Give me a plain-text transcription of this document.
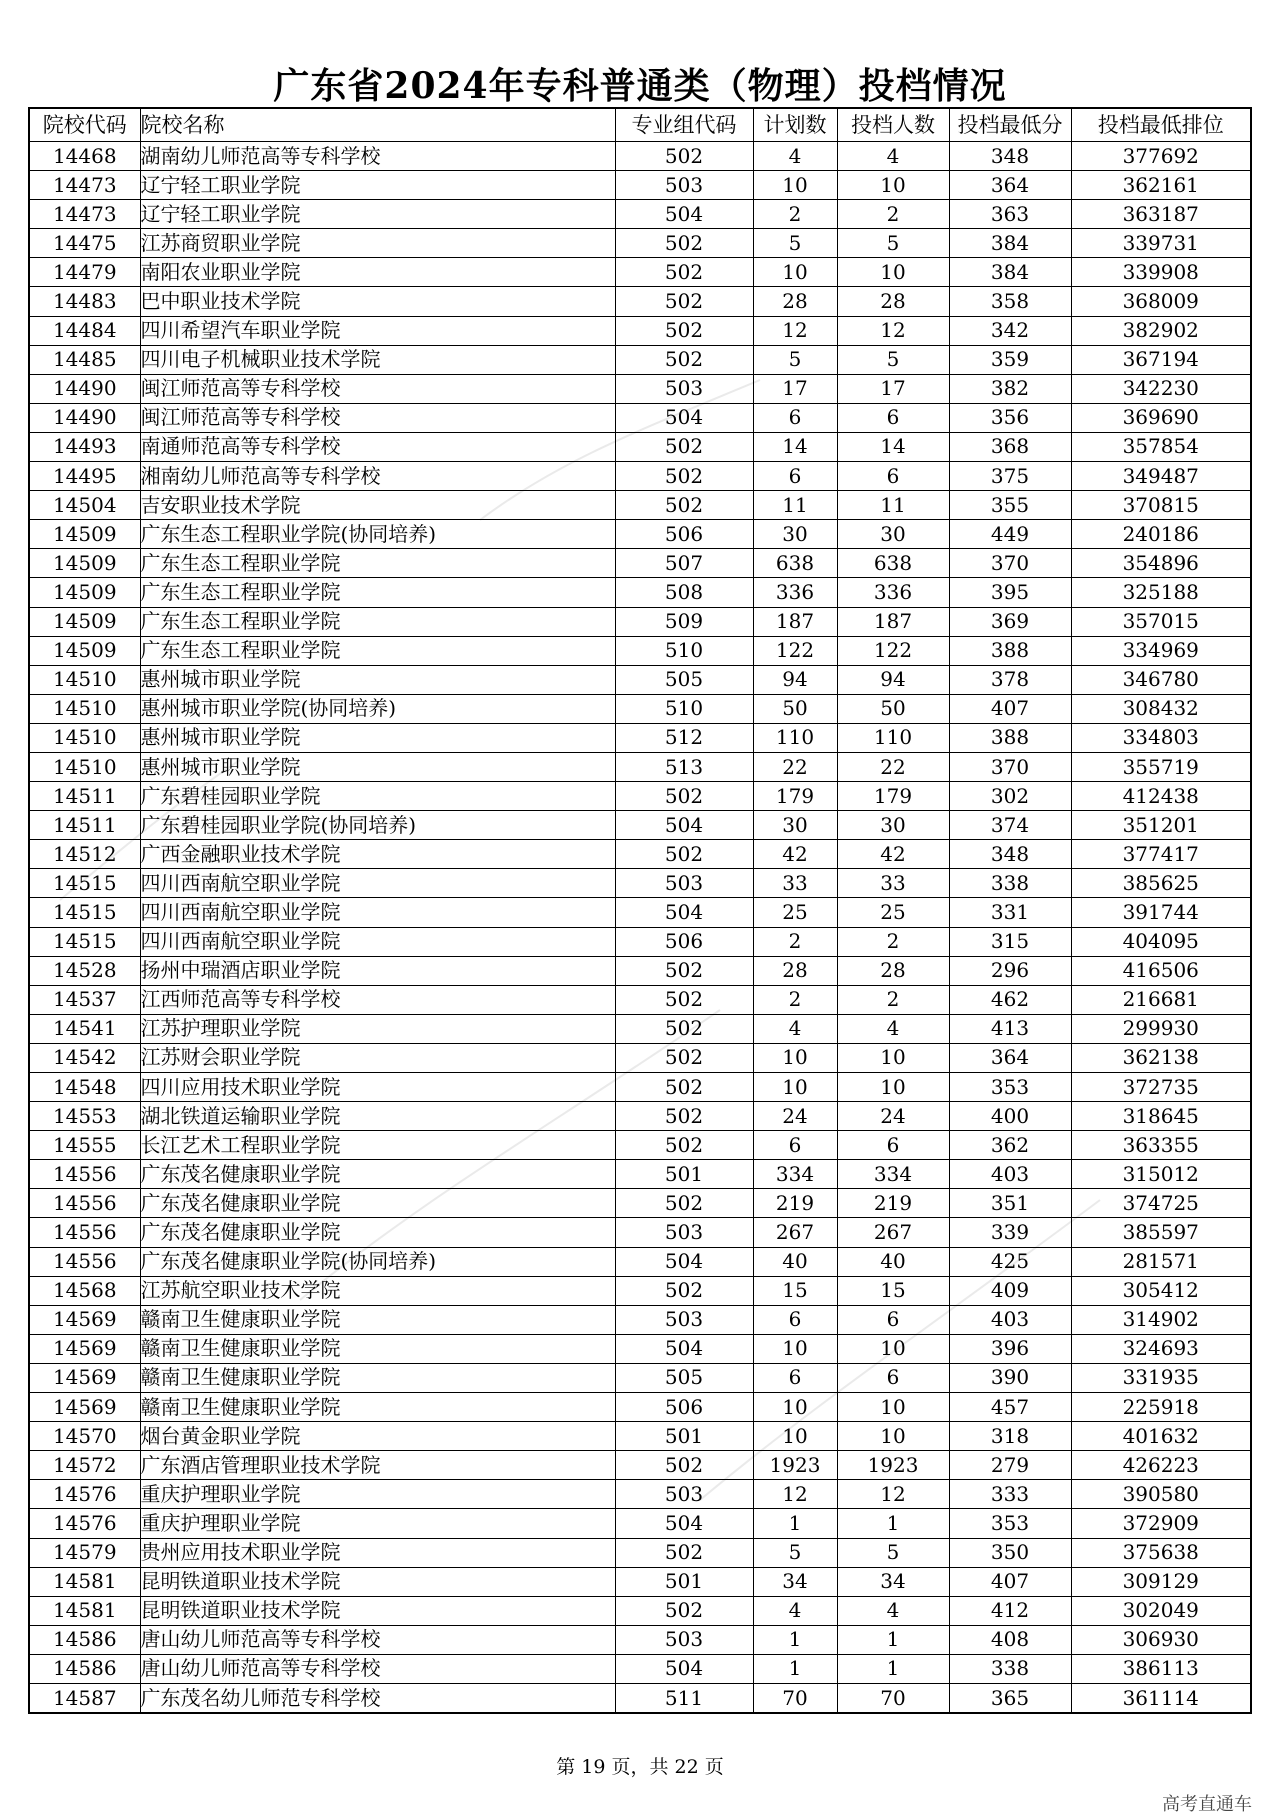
广东省2024年专科普通类（物理）投档情况
院校代码	院校名称	专业组代码	计划数	投档人数	投档最低分	投档最低排位
14468	湖南幼儿师范高等专科学校	502	4	4	348	377692
14473	辽宁轻工职业学院	503	10	10	364	362161
14473	辽宁轻工职业学院	504	2	2	363	363187
14475	江苏商贸职业学院	502	5	5	384	339731
14479	南阳农业职业学院	502	10	10	384	339908
14483	巴中职业技术学院	502	28	28	358	368009
14484	四川希望汽车职业学院	502	12	12	342	382902
14485	四川电子机械职业技术学院	502	5	5	359	367194
14490	闽江师范高等专科学校	503	17	17	382	342230
14490	闽江师范高等专科学校	504	6	6	356	369690
14493	南通师范高等专科学校	502	14	14	368	357854
14495	湘南幼儿师范高等专科学校	502	6	6	375	349487
14504	吉安职业技术学院	502	11	11	355	370815
14509	广东生态工程职业学院(协同培养)	506	30	30	449	240186
14509	广东生态工程职业学院	507	638	638	370	354896
14509	广东生态工程职业学院	508	336	336	395	325188
14509	广东生态工程职业学院	509	187	187	369	357015
14509	广东生态工程职业学院	510	122	122	388	334969
14510	惠州城市职业学院	505	94	94	378	346780
14510	惠州城市职业学院(协同培养)	510	50	50	407	308432
14510	惠州城市职业学院	512	110	110	388	334803
14510	惠州城市职业学院	513	22	22	370	355719
14511	广东碧桂园职业学院	502	179	179	302	412438
14511	广东碧桂园职业学院(协同培养)	504	30	30	374	351201
14512	广西金融职业技术学院	502	42	42	348	377417
14515	四川西南航空职业学院	503	33	33	338	385625
14515	四川西南航空职业学院	504	25	25	331	391744
14515	四川西南航空职业学院	506	2	2	315	404095
14528	扬州中瑞酒店职业学院	502	28	28	296	416506
14537	江西师范高等专科学校	502	2	2	462	216681
14541	江苏护理职业学院	502	4	4	413	299930
14542	江苏财会职业学院	502	10	10	364	362138
14548	四川应用技术职业学院	502	10	10	353	372735
14553	湖北铁道运输职业学院	502	24	24	400	318645
14555	长江艺术工程职业学院	502	6	6	362	363355
14556	广东茂名健康职业学院	501	334	334	403	315012
14556	广东茂名健康职业学院	502	219	219	351	374725
14556	广东茂名健康职业学院	503	267	267	339	385597
14556	广东茂名健康职业学院(协同培养)	504	40	40	425	281571
14568	江苏航空职业技术学院	502	15	15	409	305412
14569	赣南卫生健康职业学院	503	6	6	403	314902
14569	赣南卫生健康职业学院	504	10	10	396	324693
14569	赣南卫生健康职业学院	505	6	6	390	331935
14569	赣南卫生健康职业学院	506	10	10	457	225918
14570	烟台黄金职业学院	501	10	10	318	401632
14572	广东酒店管理职业技术学院	502	1923	1923	279	426223
14576	重庆护理职业学院	503	12	12	333	390580
14576	重庆护理职业学院	504	1	1	353	372909
14579	贵州应用技术职业学院	502	5	5	350	375638
14581	昆明铁道职业技术学院	501	34	34	407	309129
14581	昆明铁道职业技术学院	502	4	4	412	302049
14586	唐山幼儿师范高等专科学校	503	1	1	408	306930
14586	唐山幼儿师范高等专科学校	504	1	1	338	386113
14587	广东茂名幼儿师范专科学校	511	70	70	365	361114
第 19 页，共 22 页
高考直通车
